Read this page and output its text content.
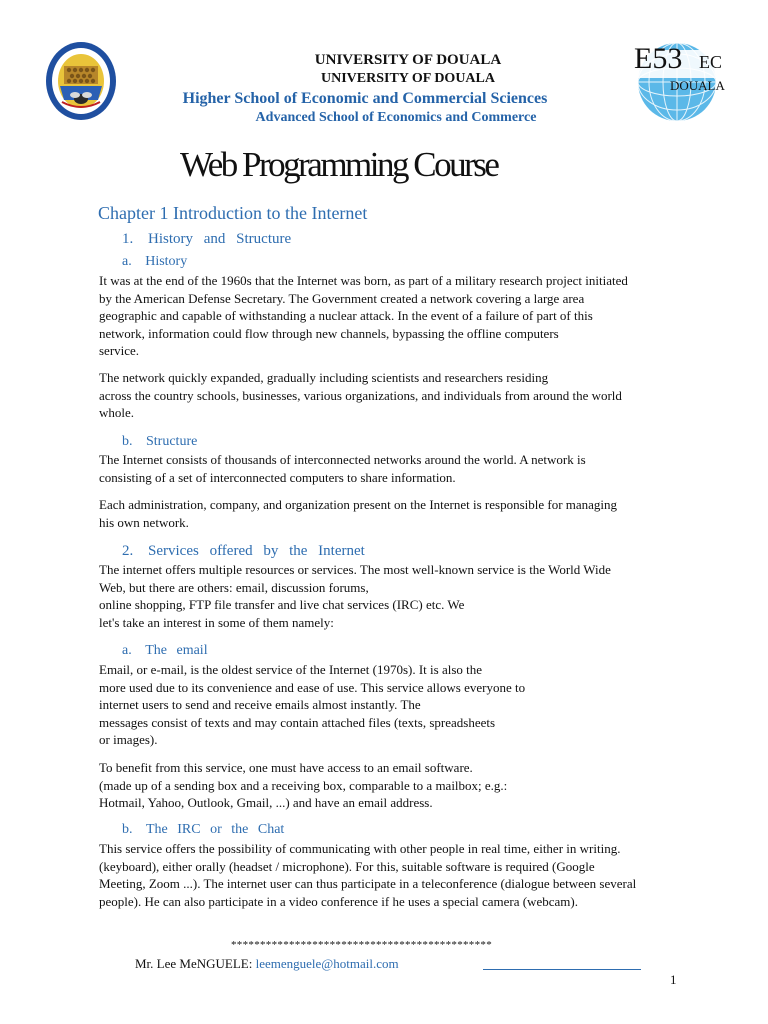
E53 EC
DOUALA
UNIVERSITY OF DOUALA
UNIVERSITY OF DOUALA
Higher School of Economic and Commercial Sciences
Advanced School of Economics and Commerce
Web Programming Course
Chapter 1 Introduction to the Internet
1. History and Structure
a. History
It was at the end of the 1960s that the Internet was born, as part of a military research project initiated
by the American Defense Secretary. The Government created a network covering a large area
geographic and capable of withstanding a nuclear attack. In the event of a failure of part of this
network, information could flow through new channels, bypassing the offline computers
service.
The network quickly expanded, gradually including scientists and researchers residing
across the country schools, businesses, various organizations, and individuals from around the world
whole.
b. Structure
The Internet consists of thousands of interconnected networks around the world. A network is
consisting of a set of interconnected computers to share information.
Each administration, company, and organization present on the Internet is responsible for managing
his own network.
2. Services offered by the Internet
The internet offers multiple resources or services. The most well-known service is the World Wide
Web, but there are others: email, discussion forums,
online shopping, FTP file transfer and live chat services (IRC) etc. We
let's take an interest in some of them namely:
a. The email
Email, or e-mail, is the oldest service of the Internet (1970s). It is also the
more used due to its convenience and ease of use. This service allows everyone to
internet users to send and receive emails almost instantly. The
messages consist of texts and may contain attached files (texts, spreadsheets
or images).
To benefit from this service, one must have access to an email software.
(made up of a sending box and a receiving box, comparable to a mailbox; e.g.:
Hotmail, Yahoo, Outlook, Gmail, ...) and have an email address.
b. The IRC or the Chat
This service offers the possibility of communicating with other people in real time, either in writing.
(keyboard), either orally (headset / microphone). For this, suitable software is required (Google
Meeting, Zoom ...). The internet user can thus participate in a teleconference (dialogue between several
people). He can also participate in a video conference if he uses a special camera (webcam).
*********************************************
Mr. Lee MeNGUELE: leemenguele@hotmail.com
1
